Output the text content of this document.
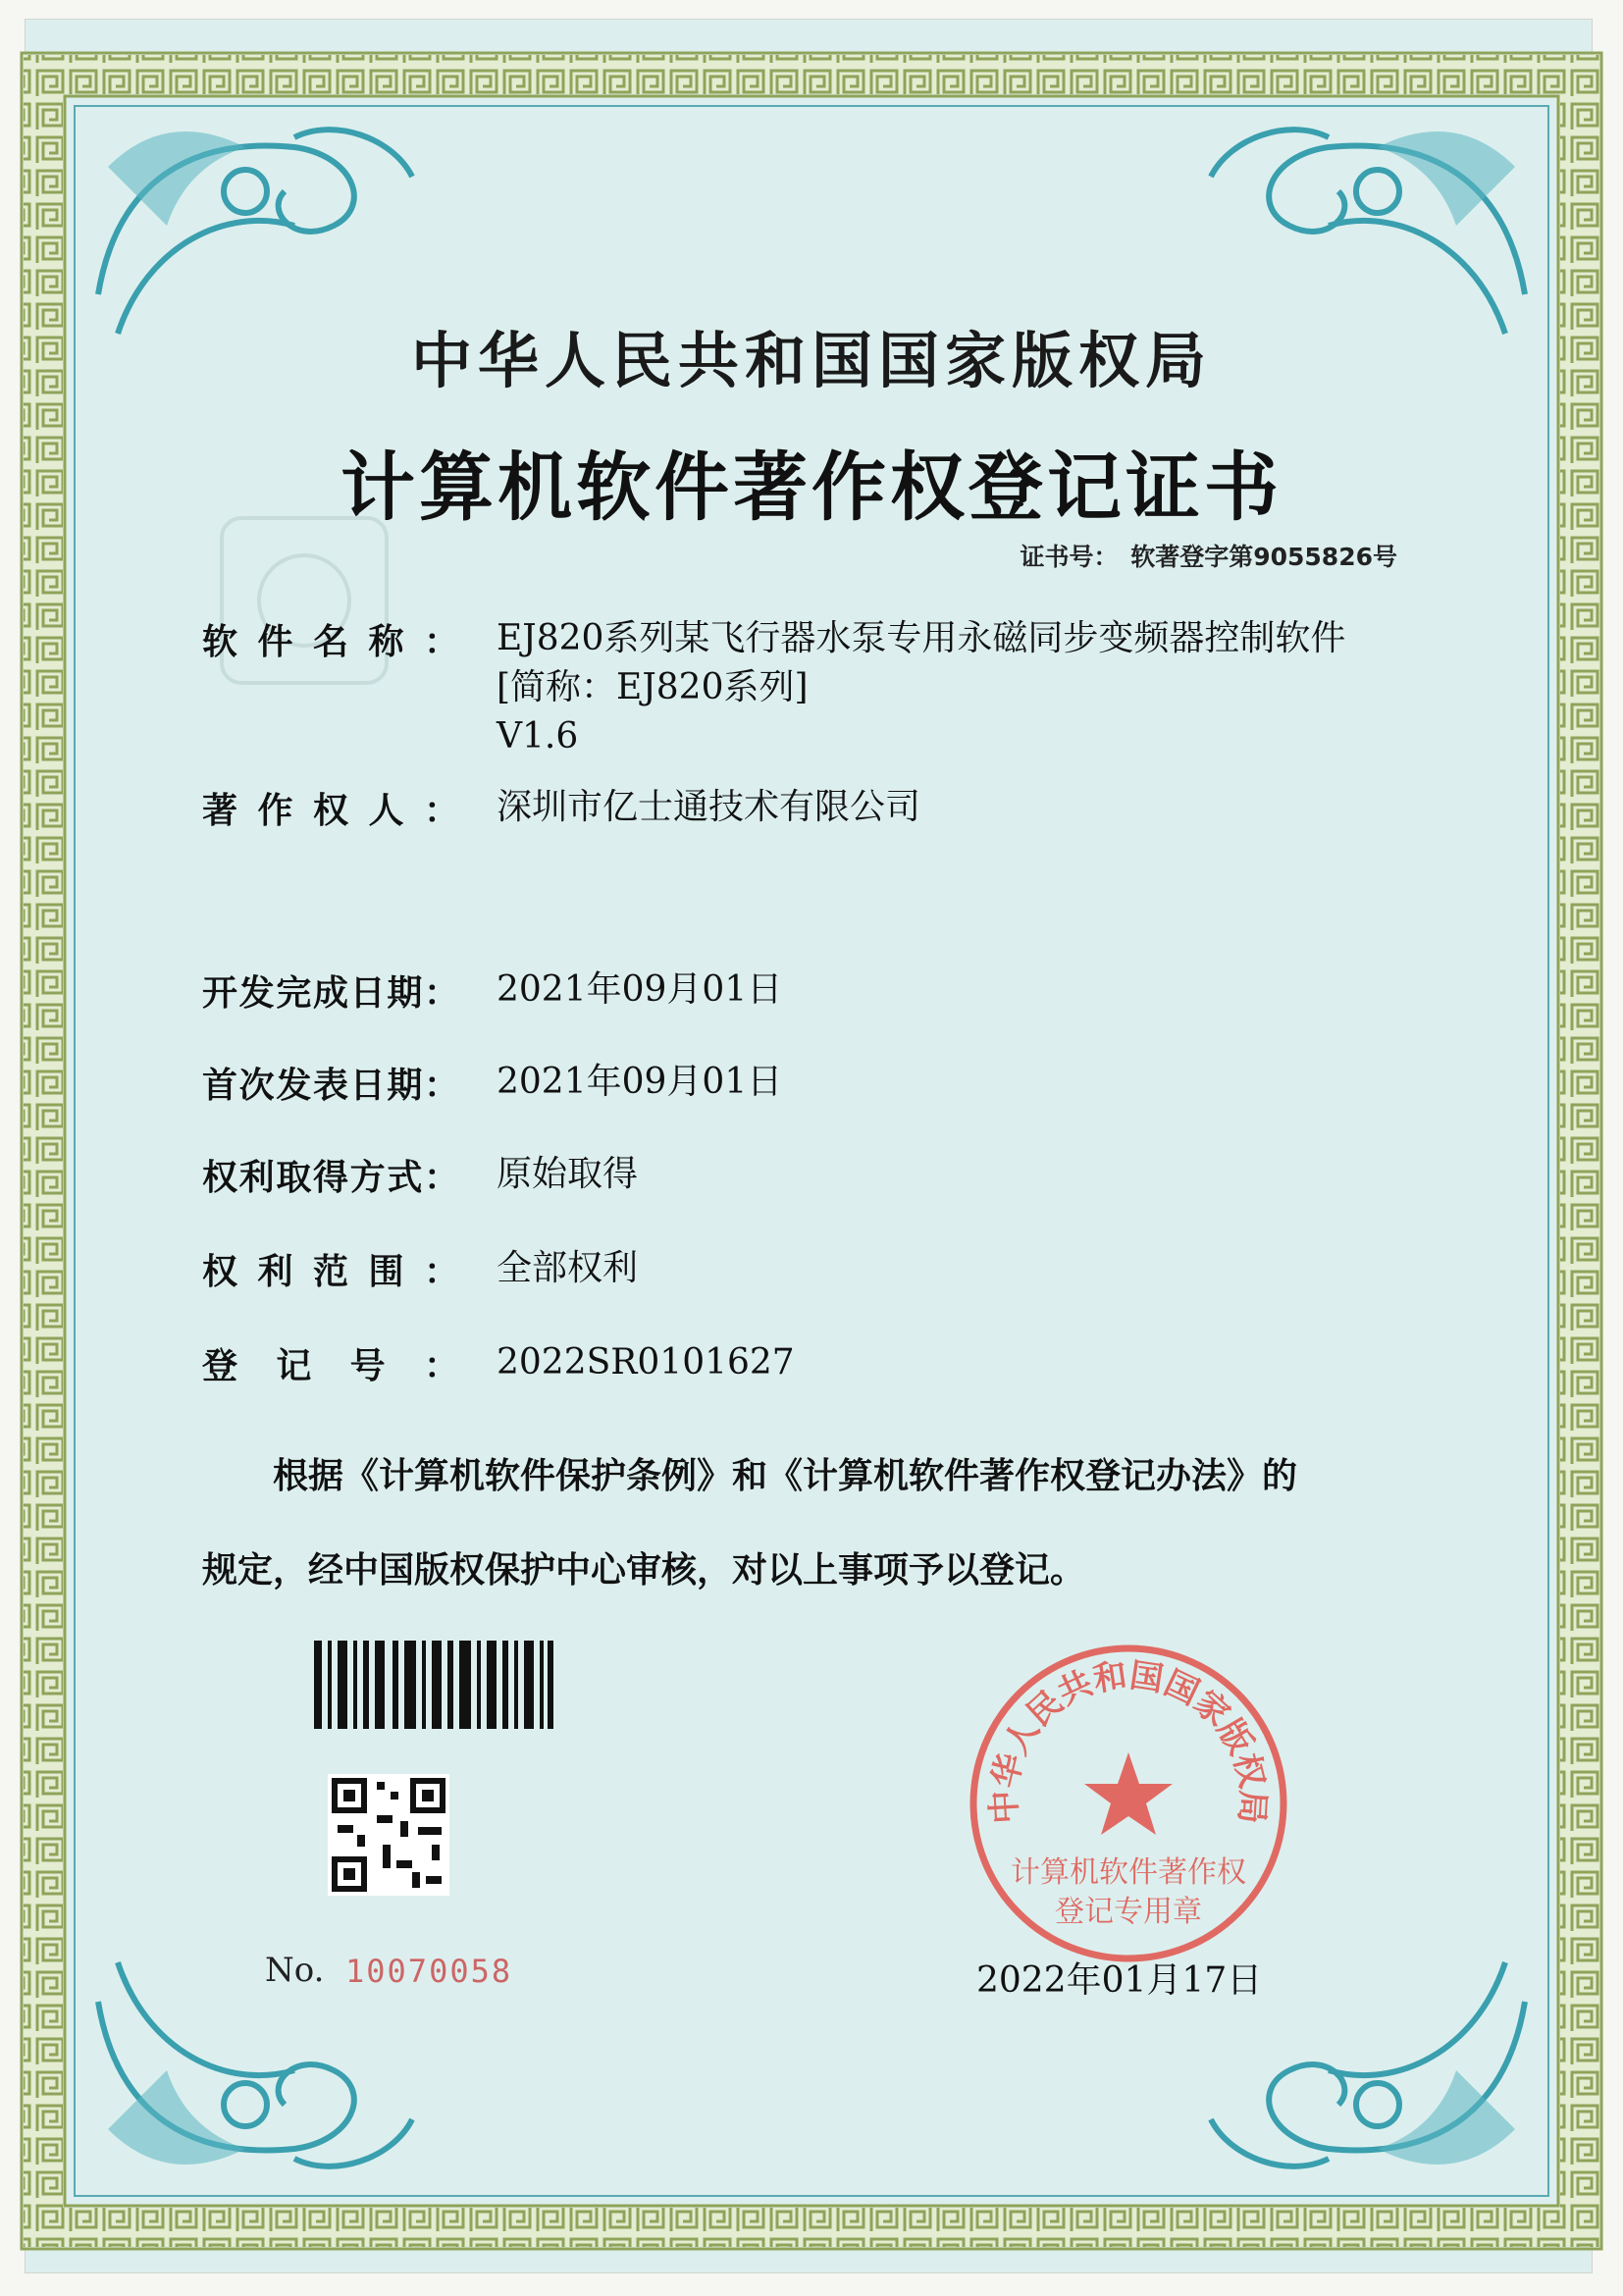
中华人民共和国国家版权局
计算机软件著作权登记证书
证书号： 软著登字第9055826号
软件名称： EJ820系列某飞行器水泵专用永磁同步变频器控制软件
[简称：EJ820系列]
V1.6
著作权人： 深圳市亿士通技术有限公司
开发完成日期： 2021年09月01日
首次发表日期： 2021年09月01日
权利取得方式： 原始取得
权利范围： 全部权利
登记号： 2022SR0101627
根据《计算机软件保护条例》和《计算机软件著作权登记办法》的
规定，经中国版权保护中心审核，对以上事项予以登记。
No. 10070058	2022年01月17日
中华人民共和国国家版权局
计算机软件著作权
登记专用章
